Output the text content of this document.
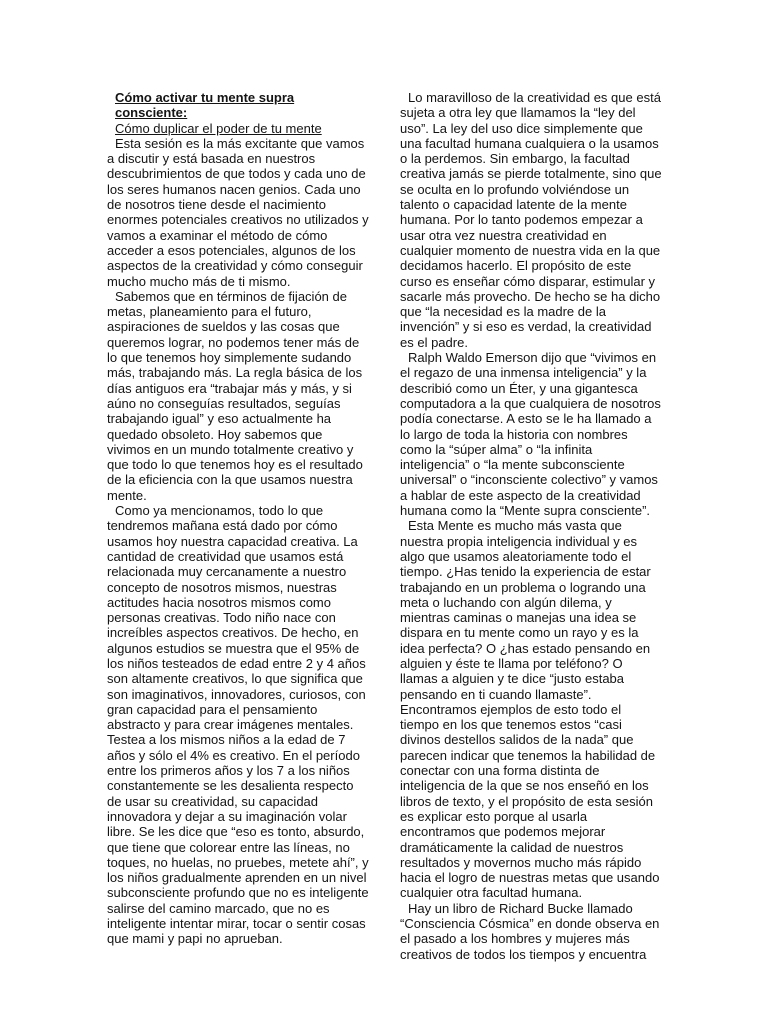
Cómo activar tu mente supra consciente:

Cómo duplicar el poder de tu mente

Esta sesión es la más excitante que vamos a discutir y está basada en nuestros descubrimientos de que todos y cada uno de los seres humanos nacen genios. Cada uno de nosotros tiene desde el nacimiento enormes potenciales creativos no utilizados y vamos a examinar el método de cómo acceder a esos potenciales, algunos de los aspectos de la creatividad y cómo conseguir mucho mucho más de ti mismo.

Sabemos que en términos de fijación de metas, planeamiento para el futuro, aspiraciones de sueldos y las cosas que queremos lograr, no podemos tener más de lo que tenemos hoy simplemente sudando más, trabajando más. La regla básica de los días antiguos era “trabajar más y más, y si aúno no conseguías resultados, seguías trabajando igual” y eso actualmente ha quedado obsoleto. Hoy sabemos que vivimos en un mundo totalmente creativo y que todo lo que tenemos hoy es el resultado de la eficiencia con la que usamos nuestra mente.

Como ya mencionamos, todo lo que tendremos mañana está dado por cómo usamos hoy nuestra capacidad creativa. La cantidad de creatividad que usamos está relacionada muy cercanamente a nuestro concepto de nosotros mismos, nuestras actitudes hacia nosotros mismos como personas creativas. Todo niño nace con increíbles aspectos creativos. De hecho, en algunos estudios se muestra que el 95% de los niños testeados de edad entre 2 y 4 años son altamente creativos, lo que significa que son imaginativos, innovadores, curiosos, con gran capacidad para el pensamiento abstracto y para crear imágenes mentales. Testea a los mismos niños a la edad de 7 años y sólo el 4% es creativo. En el período entre los primeros años y los 7 a los niños constantemente se les desalienta respecto de usar su creatividad, su capacidad innovadora y dejar a su imaginación volar libre. Se les dice que “eso es tonto, absurdo, que tiene que colorear entre las líneas, no toques, no huelas, no pruebes, metete ahí”, y los niños gradualmente aprenden en un nivel subconsciente profundo que no es inteligente salirse del camino marcado, que no es inteligente intentar mirar, tocar o sentir cosas que mami y papi no aprueban.

Lo maravilloso de la creatividad es que está sujeta a otra ley que llamamos la “ley del uso”. La ley del uso dice simplemente que una facultad humana cualquiera o la usamos o la perdemos. Sin embargo, la facultad creativa jamás se pierde totalmente, sino que se oculta en lo profundo volviéndose un talento o capacidad latente de la mente humana. Por lo tanto podemos empezar a usar otra vez nuestra creatividad en cualquier momento de nuestra vida en la que decidamos hacerlo. El propósito de este curso es enseñar cómo disparar, estimular y sacarle más provecho. De hecho se ha dicho que “la necesidad es la madre de la invención” y si eso es verdad, la creatividad es el padre.

Ralph Waldo Emerson dijo que “vivimos en el regazo de una inmensa inteligencia” y la describió como un Éter, y una gigantesca computadora a la que cualquiera de nosotros podía conectarse. A esto se le ha llamado a lo largo de toda la historia con nombres como la “súper alma” o “la infinita inteligencia” o “la mente subconsciente universal” o “inconsciente colectivo” y vamos a hablar de este aspecto de la creatividad humana como la “Mente supra consciente”.

Esta Mente es mucho más vasta que nuestra propia inteligencia individual y es algo que usamos aleatoriamente todo el tiempo. ¿Has tenido la experiencia de estar trabajando en un problema o logrando una meta o luchando con algún dilema, y mientras caminas o manejas una idea se dispara en tu mente como un rayo y es la idea perfecta? O ¿has estado pensando en alguien y éste te llama por teléfono? O llamas a alguien y te dice “justo estaba pensando en ti cuando llamaste”. Encontramos ejemplos de esto todo el tiempo en los que tenemos estos “casi divinos destellos salidos de la nada” que parecen indicar que tenemos la habilidad de conectar con una forma distinta de inteligencia de la que se nos enseñó en los libros de texto, y el propósito de esta sesión es explicar esto porque al usarla encontramos que podemos mejorar dramáticamente la calidad de nuestros resultados y movernos mucho más rápido hacia el logro de nuestras metas que usando cualquier otra facultad humana.

Hay un libro de Richard Bucke llamado “Consciencia Cósmica” en donde observa en el pasado a los hombres y mujeres más creativos de todos los tiempos y encuentra
